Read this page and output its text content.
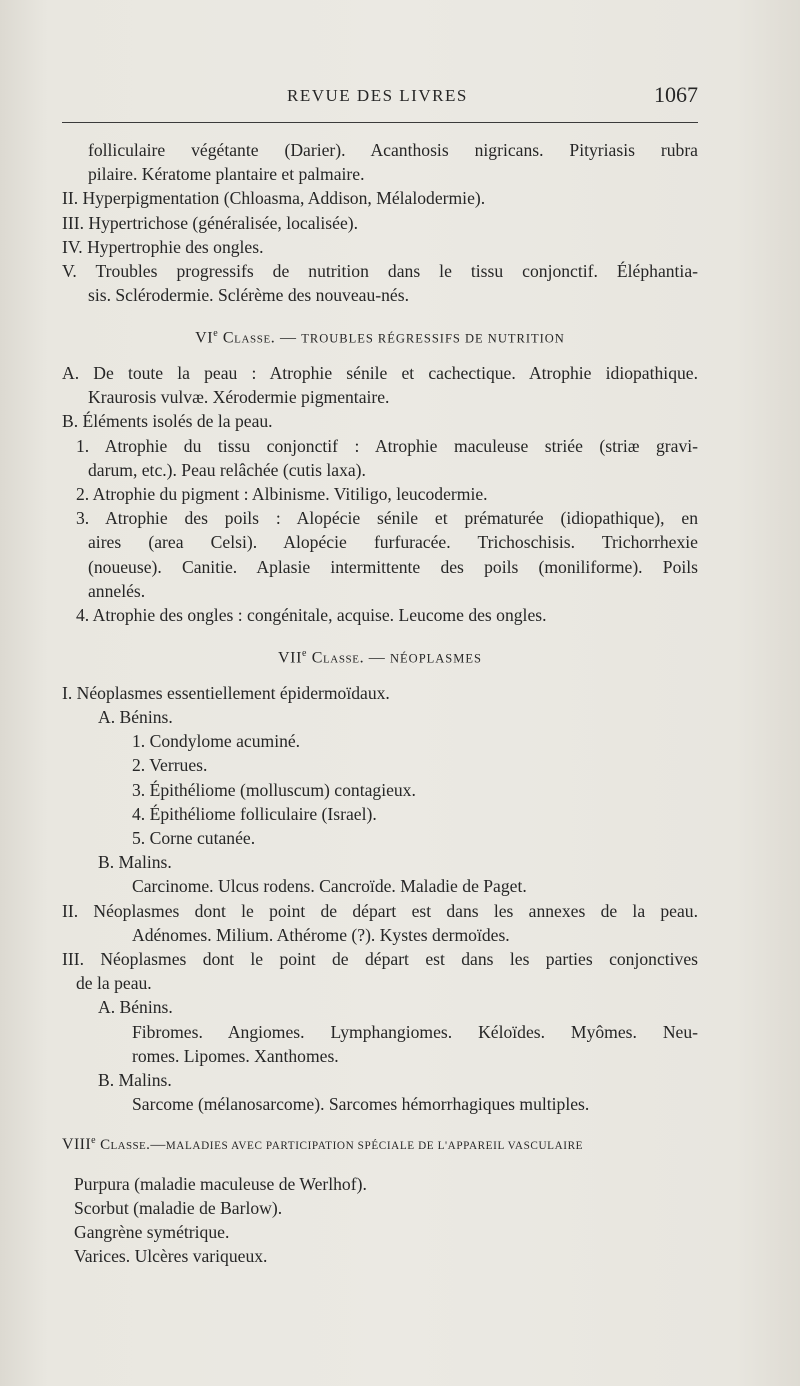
REVUE DES LIVRES	1067
folliculaire végétante (Darier). Acanthosis nigricans. Pityriasis rubra
pilaire. Kératome plantaire et palmaire.
II. Hyperpigmentation (Chloasma, Addison, Mélalodermie).
III. Hypertrichose (généralisée, localisée).
IV. Hypertrophie des ongles.
V. Troubles progressifs de nutrition dans le tissu conjonctif. Éléphantia-
sis. Sclérodermie. Sclérème des nouveau-nés.
VIe Classe. — TROUBLES RÉGRESSIFS DE NUTRITION
A. De toute la peau : Atrophie sénile et cachectique. Atrophie idiopathique.
Kraurosis vulvæ. Xérodermie pigmentaire.
B. Éléments isolés de la peau.
1. Atrophie du tissu conjonctif : Atrophie maculeuse striée (striæ gravi-
darum, etc.). Peau relâchée (cutis laxa).
2. Atrophie du pigment : Albinisme. Vitiligo, leucodermie.
3. Atrophie des poils : Alopécie sénile et prématurée (idiopathique), en
aires (area Celsi). Alopécie furfuracée. Trichoschisis. Trichorrhexie
(noueuse). Canitie. Aplasie intermittente des poils (moniliforme). Poils
annelés.
4. Atrophie des ongles : congénitale, acquise. Leucome des ongles.
VIIe Classe. — NÉOPLASMES
I. Néoplasmes essentiellement épidermoïdaux.
A. Bénins.
1. Condylome acuminé.
2. Verrues.
3. Épithéliome (molluscum) contagieux.
4. Épithéliome folliculaire (Israel).
5. Corne cutanée.
B. Malins.
Carcinome. Ulcus rodens. Cancroïde. Maladie de Paget.
II. Néoplasmes dont le point de départ est dans les annexes de la peau.
Adénomes. Milium. Athérome (?). Kystes dermoïdes.
III. Néoplasmes dont le point de départ est dans les parties conjonctives
de la peau.
A. Bénins.
Fibromes. Angiomes. Lymphangiomes. Kéloïdes. Myômes. Neu-
romes. Lipomes. Xanthomes.
B. Malins.
Sarcome (mélanosarcome). Sarcomes hémorrhagiques multiples.
VIIIe Classe.—MALADIES AVEC PARTICIPATION SPÉCIALE DE L'APPAREIL VASCULAIRE
Purpura (maladie maculeuse de Werlhof).
Scorbut (maladie de Barlow).
Gangrène symétrique.
Varices. Ulcères variqueux.
